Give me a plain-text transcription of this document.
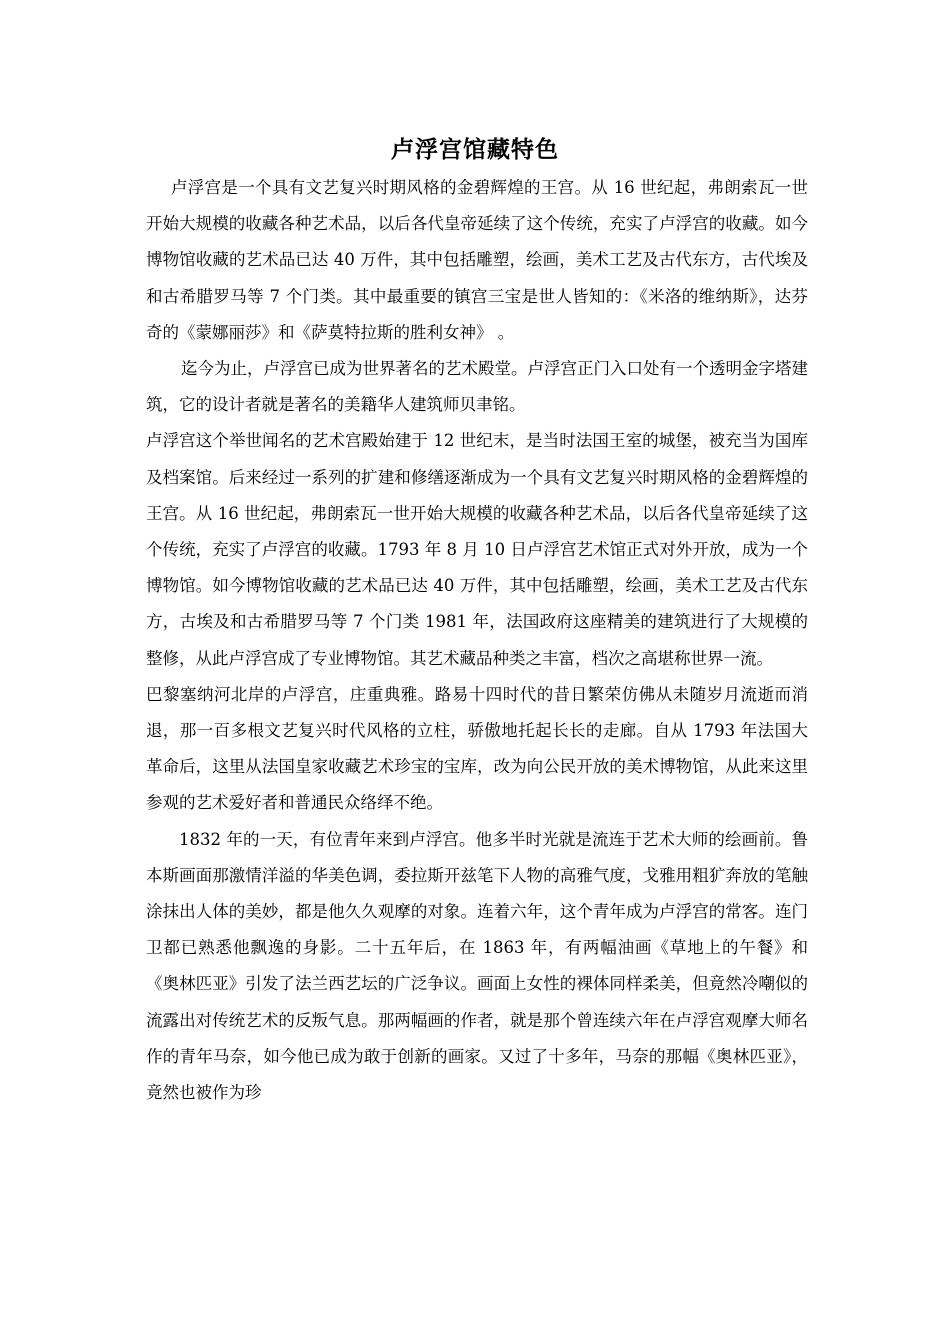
卢浮宫馆藏特色

卢浮宫是一个具有文艺复兴时期风格的金碧辉煌的王宫。从 16 世纪起，弗朗索瓦一世开始大规模的收藏各种艺术品，以后各代皇帝延续了这个传统，充实了卢浮宫的收藏。如今博物馆收藏的艺术品已达 40 万件，其中包括雕塑，绘画，美术工艺及古代东方，古代埃及和古希腊罗马等 7 个门类。其中最重要的镇宫三宝是世人皆知的：《米洛的维纳斯》，达芬奇的《蒙娜丽莎》和《萨莫特拉斯的胜利女神》 。

迄今为止，卢浮宫已成为世界著名的艺术殿堂。卢浮宫正门入口处有一个透明金字塔建筑，它的设计者就是著名的美籍华人建筑师贝聿铭。

卢浮宫这个举世闻名的艺术宫殿始建于 12 世纪末，是当时法国王室的城堡，被充当为国库及档案馆。后来经过一系列的扩建和修缮逐渐成为一个具有文艺复兴时期风格的金碧辉煌的王宫。从 16 世纪起，弗朗索瓦一世开始大规模的收藏各种艺术品，以后各代皇帝延续了这个传统，充实了卢浮宫的收藏。1793 年 8 月 10 日卢浮宫艺术馆正式对外开放，成为一个博物馆。如今博物馆收藏的艺术品已达 40 万件，其中包括雕塑，绘画，美术工艺及古代东方，古埃及和古希腊罗马等 7 个门类 1981 年，法国政府这座精美的建筑进行了大规模的整修，从此卢浮宫成了专业博物馆。其艺术藏品种类之丰富，档次之高堪称世界一流。

巴黎塞纳河北岸的卢浮宫，庄重典雅。路易十四时代的昔日繁荣仿佛从未随岁月流逝而消退，那一百多根文艺复兴时代风格的立柱，骄傲地托起长长的走廊。自从 1793 年法国大革命后，这里从法国皇家收藏艺术珍宝的宝库，改为向公民开放的美术博物馆，从此来这里参观的艺术爱好者和普通民众络绎不绝。

1832 年的一天，有位青年来到卢浮宫。他多半时光就是流连于艺术大师的绘画前。鲁本斯画面那激情洋溢的华美色调，委拉斯开兹笔下人物的高雅气度，戈雅用粗犷奔放的笔触涂抹出人体的美妙，都是他久久观摩的对象。连着六年，这个青年成为卢浮宫的常客。连门卫都已熟悉他飘逸的身影。二十五年后，在 1863 年，有两幅油画《草地上的午餐》和《奥林匹亚》引发了法兰西艺坛的广泛争议。画面上女性的裸体同样柔美，但竟然冷嘲似的流露出对传统艺术的反叛气息。那两幅画的作者，就是那个曾连续六年在卢浮宫观摩大师名作的青年马奈，如今他已成为敢于创新的画家。又过了十多年，马奈的那幅《奥林匹亚》，竟然也被作为珍
